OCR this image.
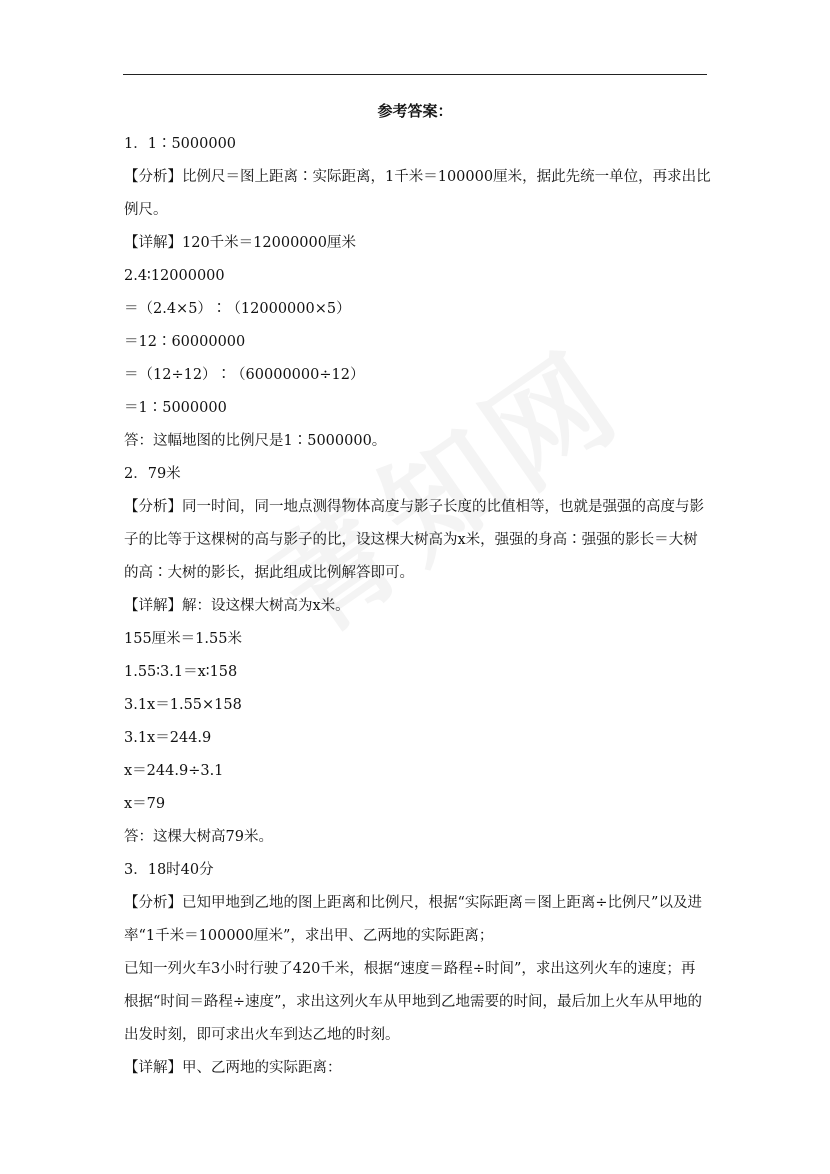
参考答案：
1．1∶5000000
【分析】比例尺＝图上距离∶实际距离，1千米＝100000厘米，据此先统一单位，再求出比
例尺。
【详解】120千米＝12000000厘米
2.4∶12000000
＝（2.4×5）∶（12000000×5）
＝12∶60000000
＝（12÷12）∶（60000000÷12）
＝1∶5000000
答：这幅地图的比例尺是1∶5000000。
2．79米
【分析】同一时间，同一地点测得物体高度与影子长度的比值相等，也就是强强的高度与影
子的比等于这棵树的高与影子的比，设这棵大树高为x米，强强的身高∶强强的影长＝大树
的高∶大树的影长，据此组成比例解答即可。
【详解】解：设这棵大树高为x米。
155厘米＝1.55米
1.55∶3.1＝x∶158
3.1x＝1.55×158
3.1x＝244.9
x＝244.9÷3.1
x＝79
答：这棵大树高79米。
3．18时40分
【分析】已知甲地到乙地的图上距离和比例尺，根据“实际距离＝图上距离÷比例尺”以及进
率“1千米＝100000厘米”，求出甲、乙两地的实际距离；
已知一列火车3小时行驶了420千米，根据“速度＝路程÷时间”，求出这列火车的速度；再
根据“时间＝路程÷速度”，求出这列火车从甲地到乙地需要的时间，最后加上火车从甲地的
出发时刻，即可求出火车到达乙地的时刻。
【详解】甲、乙两地的实际距离：
